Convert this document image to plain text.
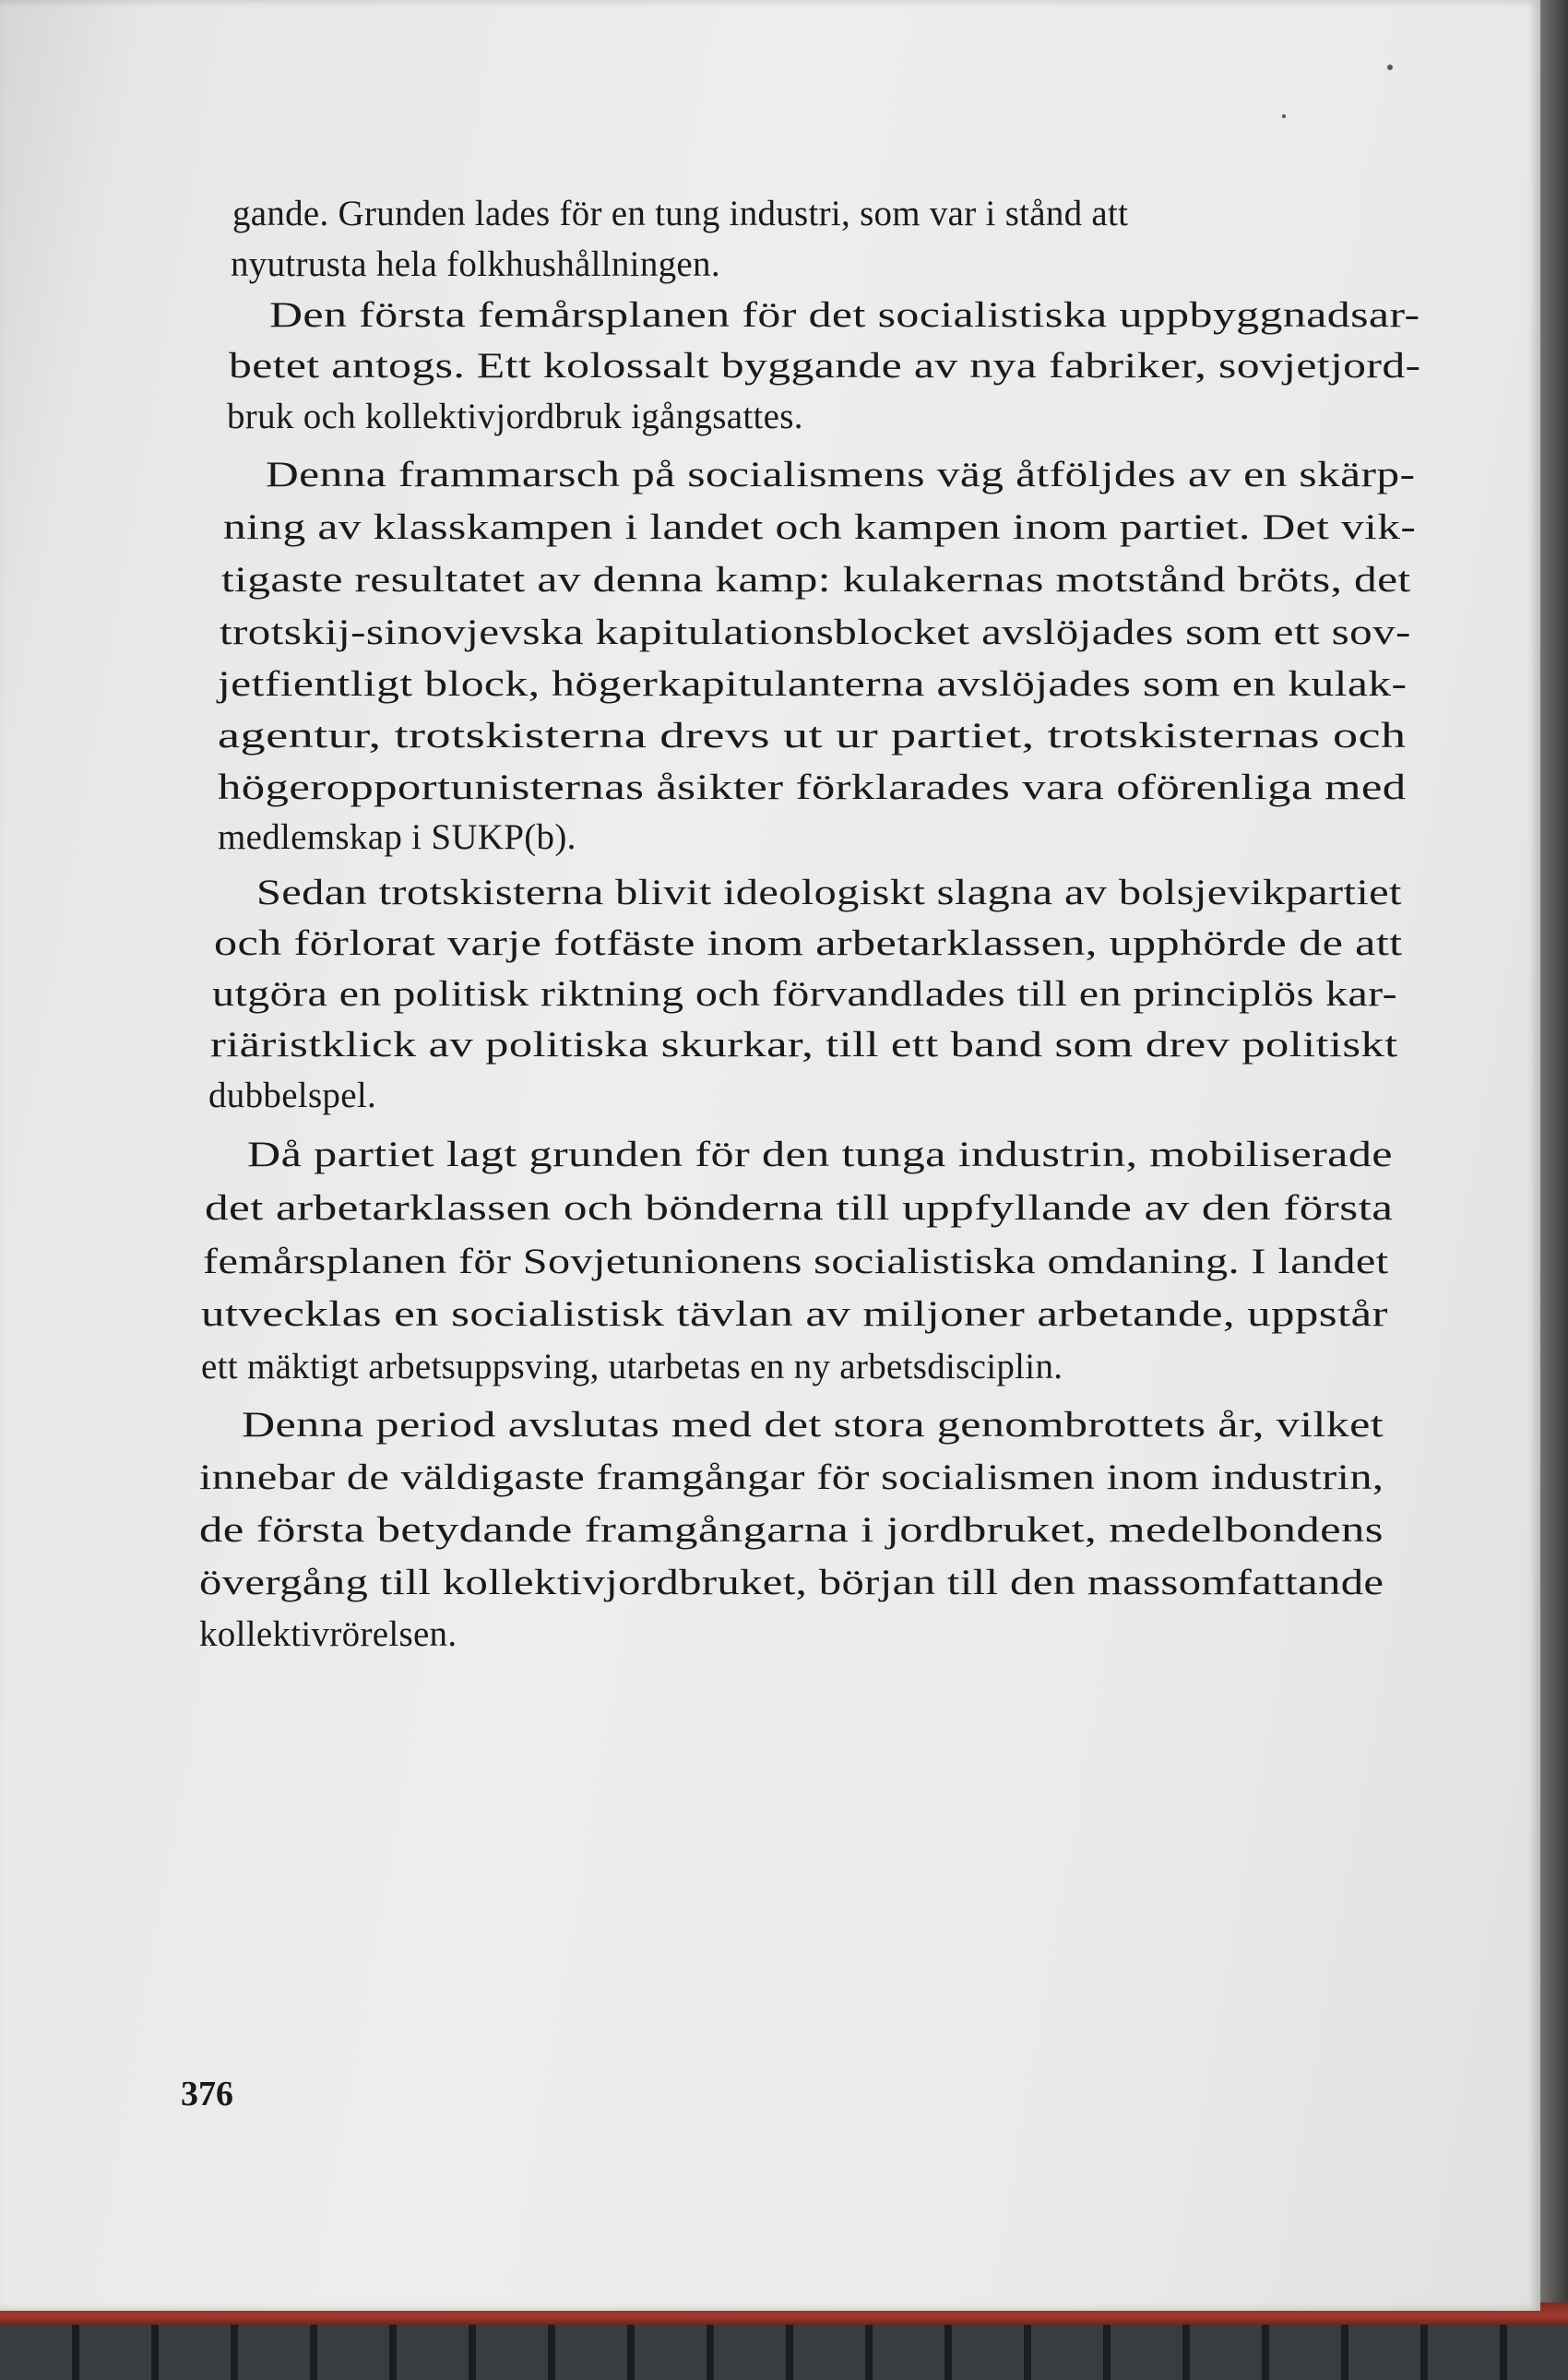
gande. Grunden lades för en tung industri, som var i stånd att
nyutrusta hela folkhushållningen.
Den första femårsplanen för det socialistiska uppbyggnadsar-
betet antogs. Ett kolossalt byggande av nya fabriker, sovjetjord-
bruk och kollektivjordbruk igångsattes.
Denna frammarsch på socialismens väg åtföljdes av en skärp-
ning av klasskampen i landet och kampen inom partiet. Det vik-
tigaste resultatet av denna kamp: kulakernas motstånd bröts, det
trotskij-sinovjevska kapitulationsblocket avslöjades som ett sov-
jetfientligt block, högerkapitulanterna avslöjades som en kulak-
agentur, trotskisterna drevs ut ur partiet, trotskisternas och
högeropportunisternas åsikter förklarades vara oförenliga med
medlemskap i SUKP(b).
Sedan trotskisterna blivit ideologiskt slagna av bolsjevikpartiet
och förlorat varje fotfäste inom arbetarklassen, upphörde de att
utgöra en politisk riktning och förvandlades till en principlös kar-
riäristklick av politiska skurkar, till ett band som drev politiskt
dubbelspel.
Då partiet lagt grunden för den tunga industrin, mobiliserade
det arbetarklassen och bönderna till uppfyllande av den första
femårsplanen för Sovjetunionens socialistiska omdaning. I landet
utvecklas en socialistisk tävlan av miljoner arbetande, uppstår
ett mäktigt arbetsuppsving, utarbetas en ny arbetsdisciplin.
Denna period avslutas med det stora genombrottets år, vilket
innebar de väldigaste framgångar för socialismen inom industrin,
de första betydande framgångarna i jordbruket, medelbondens
övergång till kollektivjordbruket, början till den massomfattande
kollektivrörelsen.
376
